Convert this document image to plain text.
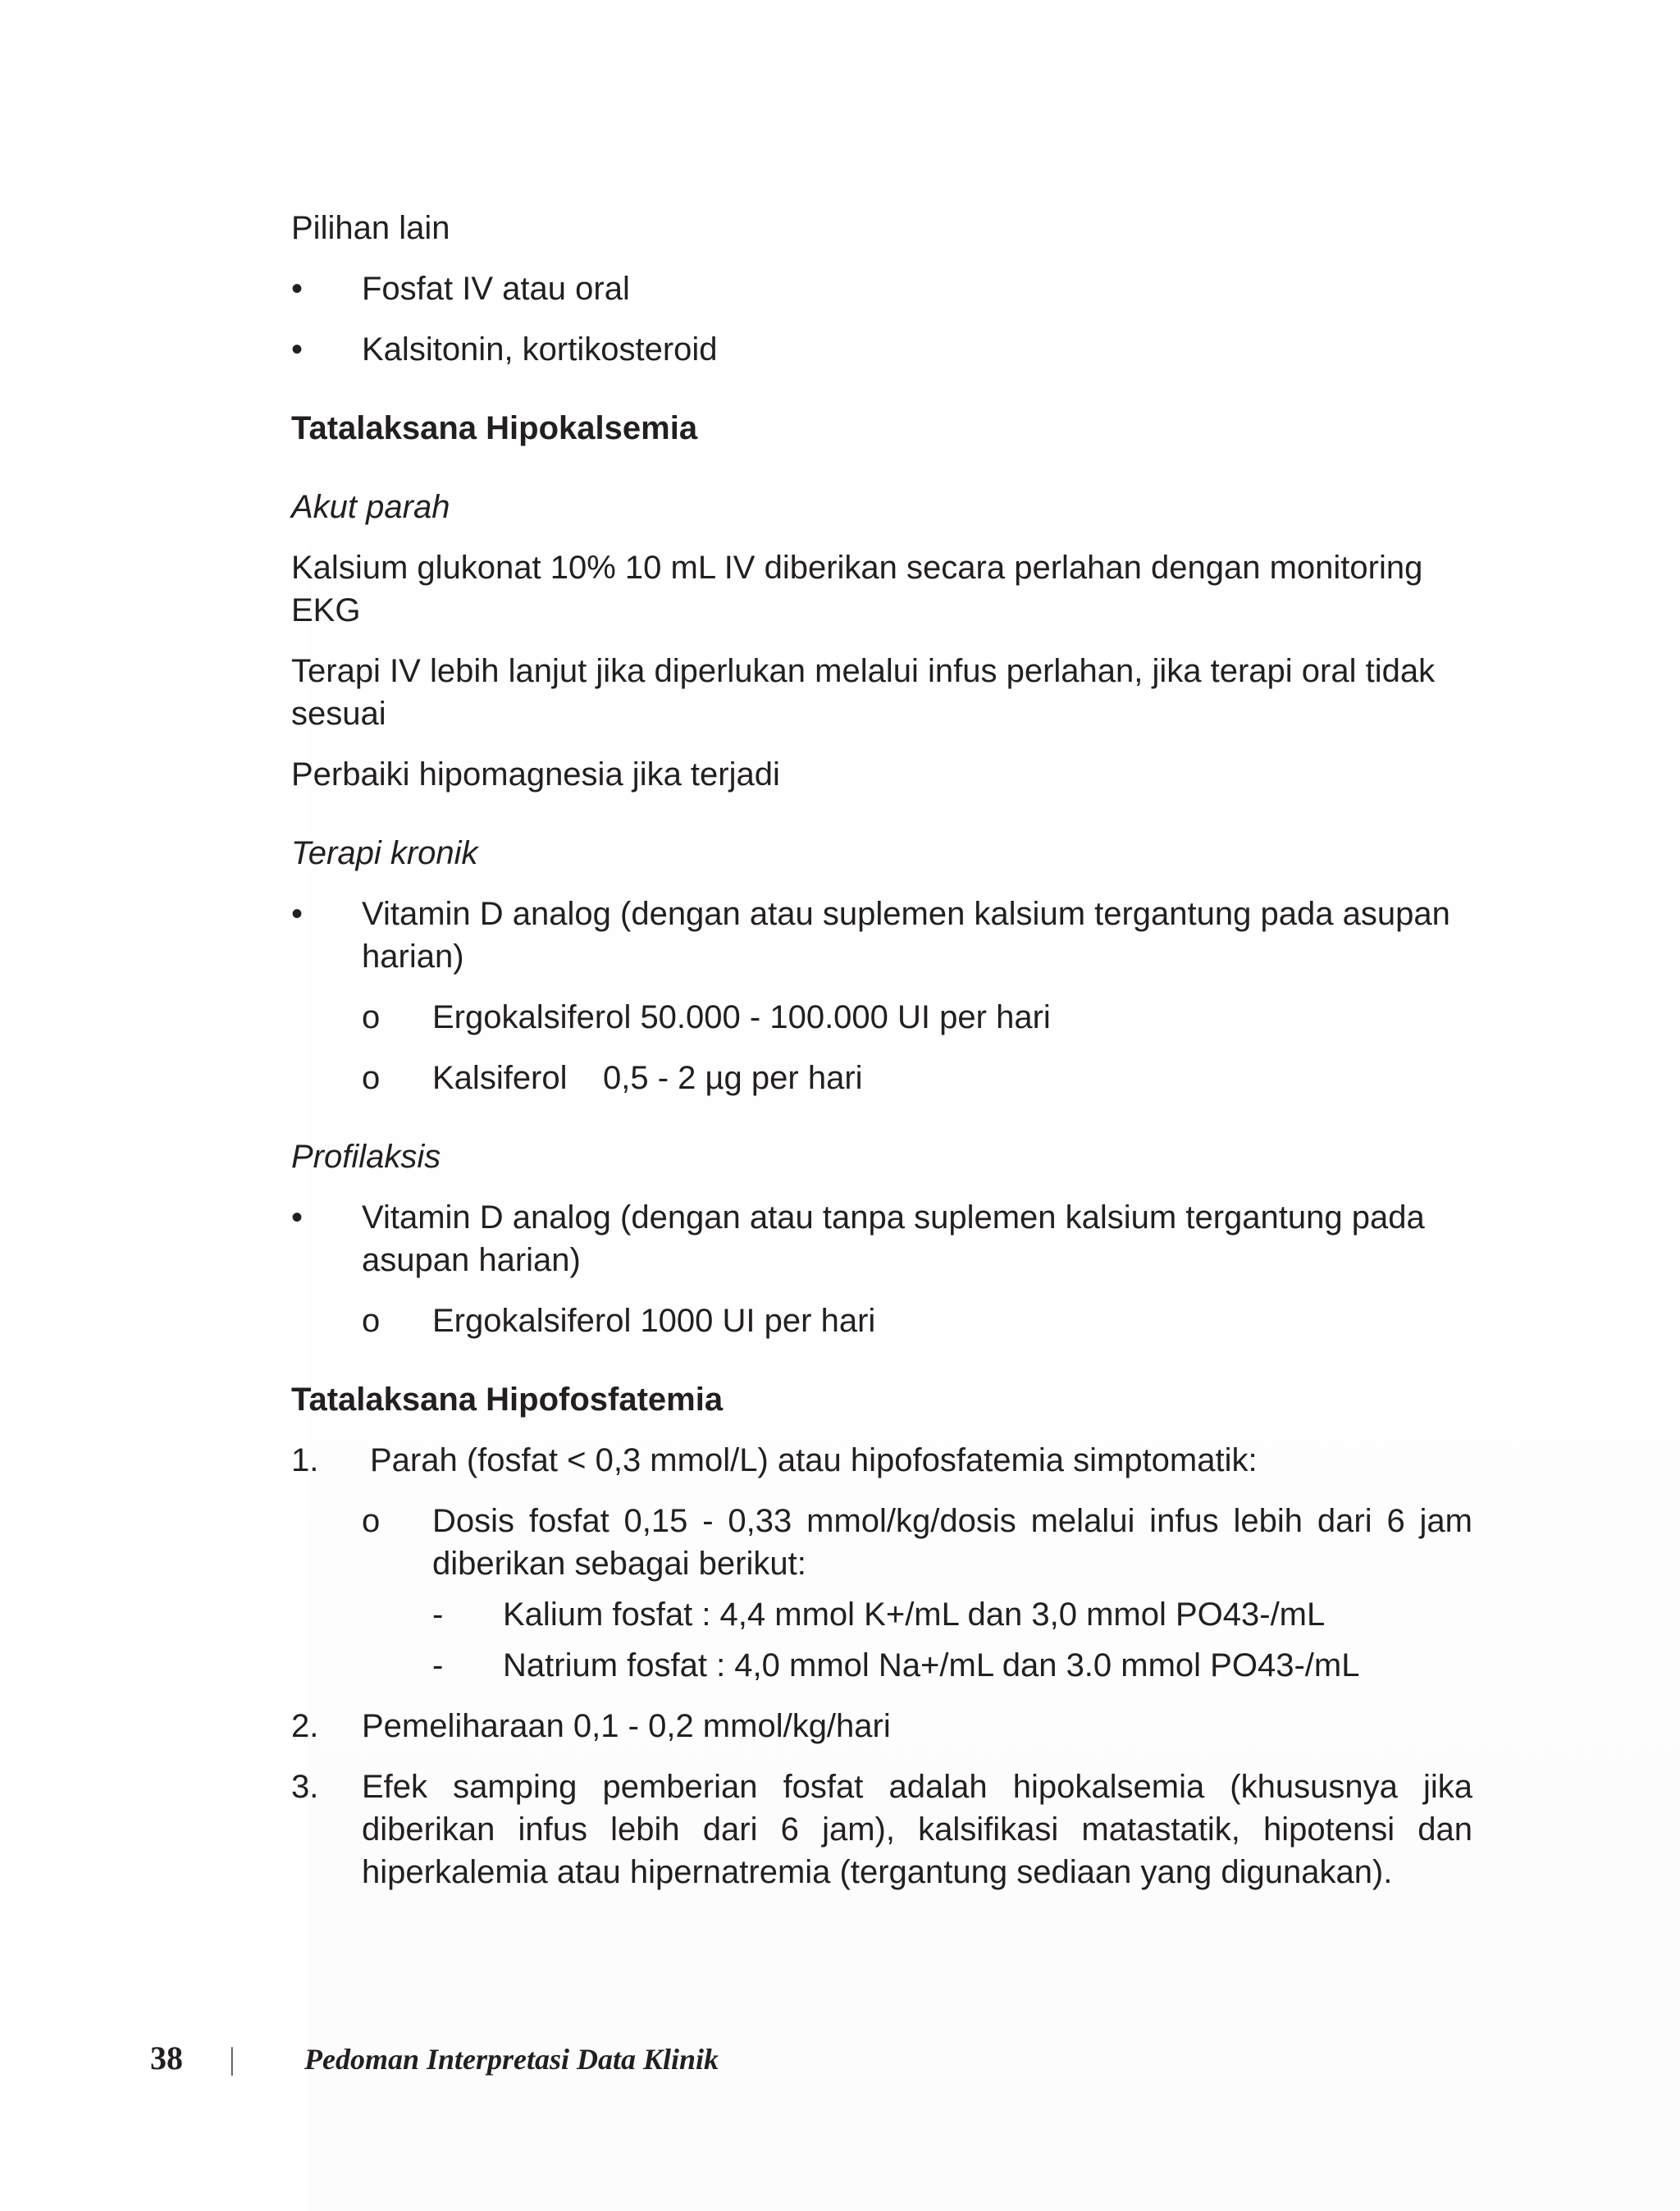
Pilihan lain

•	Fosfat IV atau oral
•	Kalsitonin, kortikosteroid

Tatalaksana Hipokalsemia

Akut parah

Kalsium glukonat 10% 10 mL IV diberikan secara perlahan dengan monitoring EKG

Terapi IV lebih lanjut jika diperlukan melalui infus perlahan, jika terapi oral tidak sesuai

Perbaiki hipomagnesia jika terjadi

Terapi kronik

•	Vitamin D analog (dengan atau suplemen kalsium tergantung pada asupan harian)
o	Ergokalsiferol 50.000 - 100.000 UI per hari
o	Kalsiferol 0,5 - 2 µg per hari

Profilaksis

•	Vitamin D analog (dengan atau tanpa suplemen kalsium tergantung pada asupan harian)
o	Ergokalsiferol 1000 UI per hari

Tatalaksana Hipofosfatemia

1.	Parah (fosfat < 0,3 mmol/L) atau hipofosfatemia simptomatik:
o	Dosis fosfat 0,15 - 0,33 mmol/kg/dosis melalui infus lebih dari 6 jam diberikan sebagai berikut:
-	Kalium fosfat : 4,4 mmol K+/mL dan 3,0 mmol PO43-/mL
-	Natrium fosfat : 4,0 mmol Na+/mL dan 3.0 mmol PO43-/mL
2.	Pemeliharaan 0,1 - 0,2 mmol/kg/hari
3.	Efek samping pemberian fosfat adalah hipokalsemia (khususnya jika diberikan infus lebih dari 6 jam), kalsifikasi matastatik, hipotensi dan hiperkalemia atau hipernatremia (tergantung sediaan yang digunakan).
38	|	Pedoman Interpretasi Data Klinik
